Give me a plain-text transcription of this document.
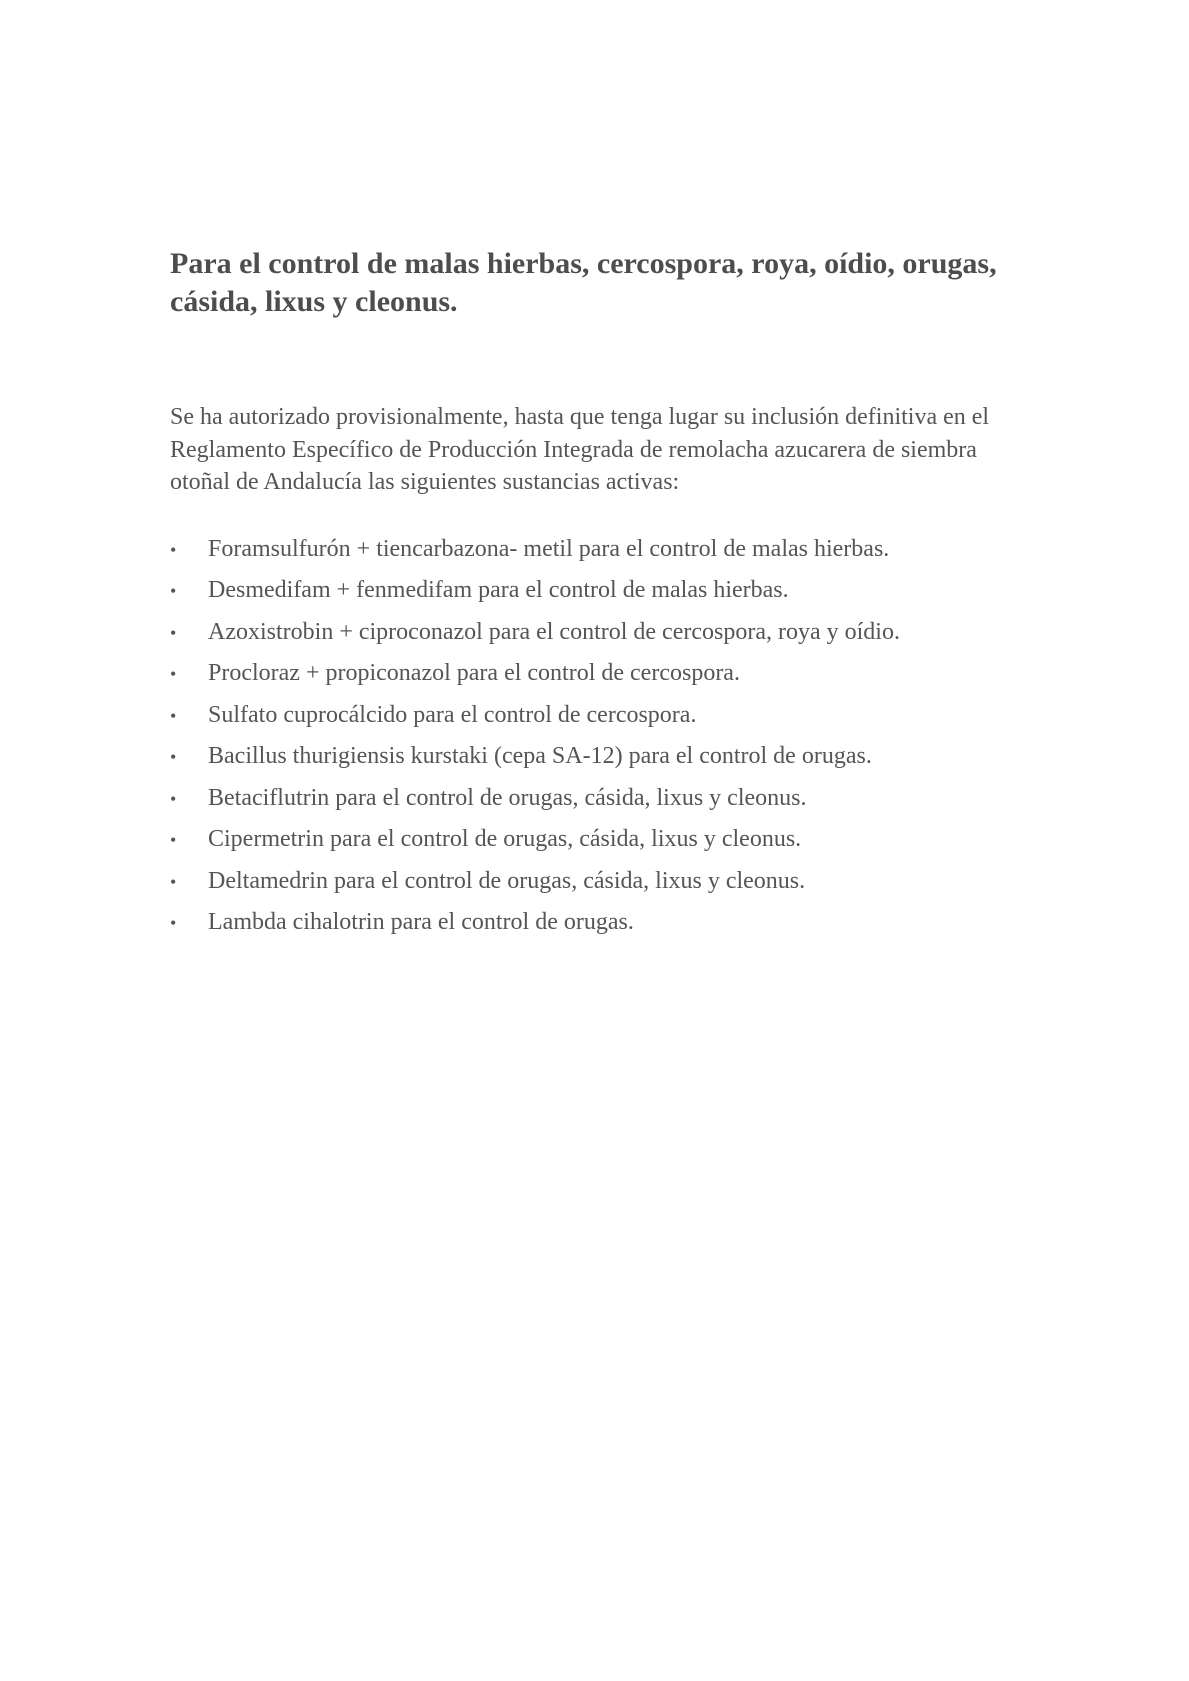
Para el control de malas hierbas, cercospora, roya, oídio, orugas, cásida, lixus y cleonus.

Se ha autorizado provisionalmente, hasta que tenga lugar su inclusión definitiva en el Reglamento Específico de Producción Integrada de remolacha azucarera de siembra otoñal de Andalucía las siguientes sustancias activas:

•	Foramsulfurón + tiencarbazona- metil para el control de malas hierbas.
•	Desmedifam + fenmedifam para el control de malas hierbas.
•	Azoxistrobin + ciproconazol para el control de cercospora, roya y oídio.
•	Procloraz + propiconazol para el control de cercospora.
•	Sulfato cuprocálcido para el control de cercospora.
•	Bacillus thurigiensis kurstaki (cepa SA-12) para el control de orugas.
•	Betaciflutrin para el control de orugas, cásida, lixus y cleonus.
•	Cipermetrin para el control de orugas, cásida, lixus y cleonus.
•	Deltamedrin para el control de orugas, cásida, lixus y cleonus.
•	Lambda cihalotrin para el control de orugas.
